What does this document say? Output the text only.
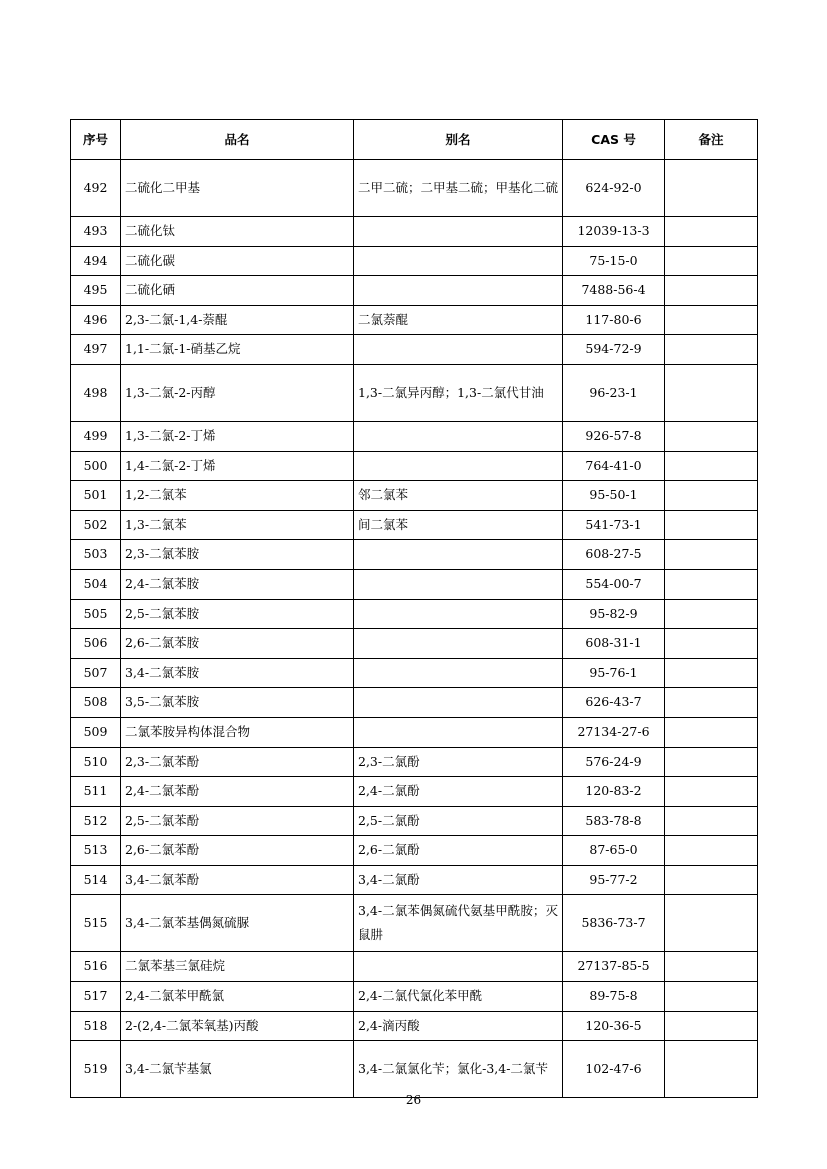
序号	品名	别名	CAS 号	备注
492	二硫化二甲基	二甲二硫；二甲基二硫；甲基化二硫	624-92-0	
493	二硫化钛		12039-13-3	
494	二硫化碳		75-15-0	
495	二硫化硒		7488-56-4	
496	2,3-二氯-1,4-萘醌	二氯萘醌	117-80-6	
497	1,1-二氯-1-硝基乙烷		594-72-9	
498	1,3-二氯-2-丙醇	1,3-二氯异丙醇；1,3-二氯代甘油	96-23-1	
499	1,3-二氯-2-丁烯		926-57-8	
500	1,4-二氯-2-丁烯		764-41-0	
501	1,2-二氯苯	邻二氯苯	95-50-1	
502	1,3-二氯苯	间二氯苯	541-73-1	
503	2,3-二氯苯胺		608-27-5	
504	2,4-二氯苯胺		554-00-7	
505	2,5-二氯苯胺		95-82-9	
506	2,6-二氯苯胺		608-31-1	
507	3,4-二氯苯胺		95-76-1	
508	3,5-二氯苯胺		626-43-7	
509	二氯苯胺异构体混合物		27134-27-6	
510	2,3-二氯苯酚	2,3-二氯酚	576-24-9	
511	2,4-二氯苯酚	2,4-二氯酚	120-83-2	
512	2,5-二氯苯酚	2,5-二氯酚	583-78-8	
513	2,6-二氯苯酚	2,6-二氯酚	87-65-0	
514	3,4-二氯苯酚	3,4-二氯酚	95-77-2	
515	3,4-二氯苯基偶氮硫脲	3,4-二氯苯偶氮硫代氨基甲酰胺；灭鼠肼	5836-73-7	
516	二氯苯基三氯硅烷		27137-85-5	
517	2,4-二氯苯甲酰氯	2,4-二氯代氯化苯甲酰	89-75-8	
518	2-(2,4-二氯苯氧基)丙酸	2,4-滴丙酸	120-36-5	
519	3,4-二氯苄基氯	3,4-二氯氯化苄；氯化-3,4-二氯苄	102-47-6	
26
